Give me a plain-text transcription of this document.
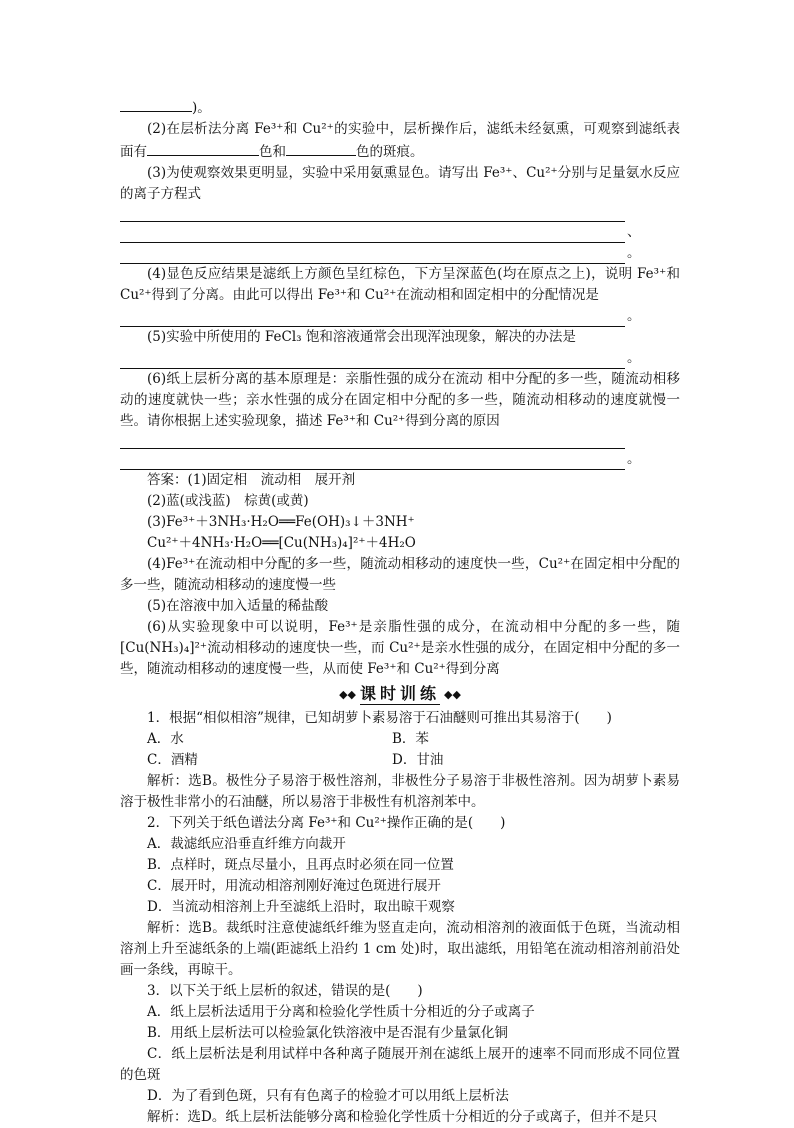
)。

(2)在层析法分离 Fe³⁺和 Cu²⁺的实验中，层析操作后，滤纸未经氨熏，可观察到滤纸表面有	色和	色的斑痕。

(3)为使观察效果更明显，实验中采用氨熏显色。请写出 Fe³⁺、Cu²⁺分别与足量氨水反应的离子方程式

、
。

(4)显色反应结果是滤纸上方颜色呈红棕色，下方呈深蓝色(均在原点之上)，说明 Fe³⁺和 Cu²⁺得到了分离。由此可以得出 Fe³⁺和 Cu²⁺在流动相和固定相中的分配情况是

。

(5)实验中所使用的 FeCl₃ 饱和溶液通常会出现浑浊现象，解决的办法是

。

(6)纸上层析分离的基本原理是：亲脂性强的成分在流动 相中分配的多一些，随流动相移动的速度就快一些；亲水性强的成分在固定相中分配的多一些，随流动相移动的速度就慢一些。请你根据上述实验现象，描述 Fe³⁺和 Cu²⁺得到分离的原因

。

答案：(1)固定相　流动相　展开剂

(2)蓝(或浅蓝)　棕黄(或黄)

(3)Fe³⁺＋3NH₃·H₂O══Fe(OH)₃↓＋3NH⁺

Cu²⁺＋4NH₃·H₂O══[Cu(NH₃)₄]²⁺＋4H₂O

(4)Fe³⁺在流动相中分配的多一些，随流动相移动的速度快一些，Cu²⁺在固定相中分配的多一些，随流动相移动的速度慢一些

(5)在溶液中加入适量的稀盐酸

(6)从实验现象中可以说明，Fe³⁺是亲脂性强的成分，在流动相中分配的多一些，随[Cu(NH₃)₄]²⁺流动相移动的速度快一些，而 Cu²⁺是亲水性强的成分，在固定相中分配的多一些，随流动相移动的速度慢一些，从而使 Fe³⁺和 Cu²⁺得到分离

◆◆ 课时训练 ◆◆

1．根据“相似相溶”规律，已知胡萝卜素易溶于石油醚则可推出其易溶于(　　)

A．水	B．苯
C．酒精	D．甘油

解析：选B。极性分子易溶于极性溶剂，非极性分子易溶于非极性溶剂。因为胡萝卜素易溶于极性非常小的石油醚，所以易溶于非极性有机溶剂苯中。

2．下列关于纸色谱法分离 Fe³⁺和 Cu²⁺操作正确的是(　　)

A．裁滤纸应沿垂直纤维方向裁开

B．点样时，斑点尽量小，且再点时必须在同一位置

C．展开时，用流动相溶剂刚好淹过色斑进行展开

D．当流动相溶剂上升至滤纸上沿时，取出晾干观察

解析：选B。裁纸时注意使滤纸纤维为竖直走向，流动相溶剂的液面低于色斑，当流动相溶剂上升至滤纸条的上端(距滤纸上沿约 1 cm 处)时，取出滤纸，用铅笔在流动相溶剂前沿处画一条线，再晾干。

3．以下关于纸上层析的叙述，错误的是(　　)

A．纸上层析法适用于分离和检验化学性质十分相近的分子或离子

B．用纸上层析法可以检验氯化铁溶液中是否混有少量氯化铜

C．纸上层析法是利用试样中各种离子随展开剂在滤纸上展开的速率不同而形成不同位置的色斑

D．为了看到色斑，只有有色离子的检验才可以用纸上层析法

解析：选D。纸上层析法能够分离和检验化学性质十分相近的分子或离子，但并不是只
